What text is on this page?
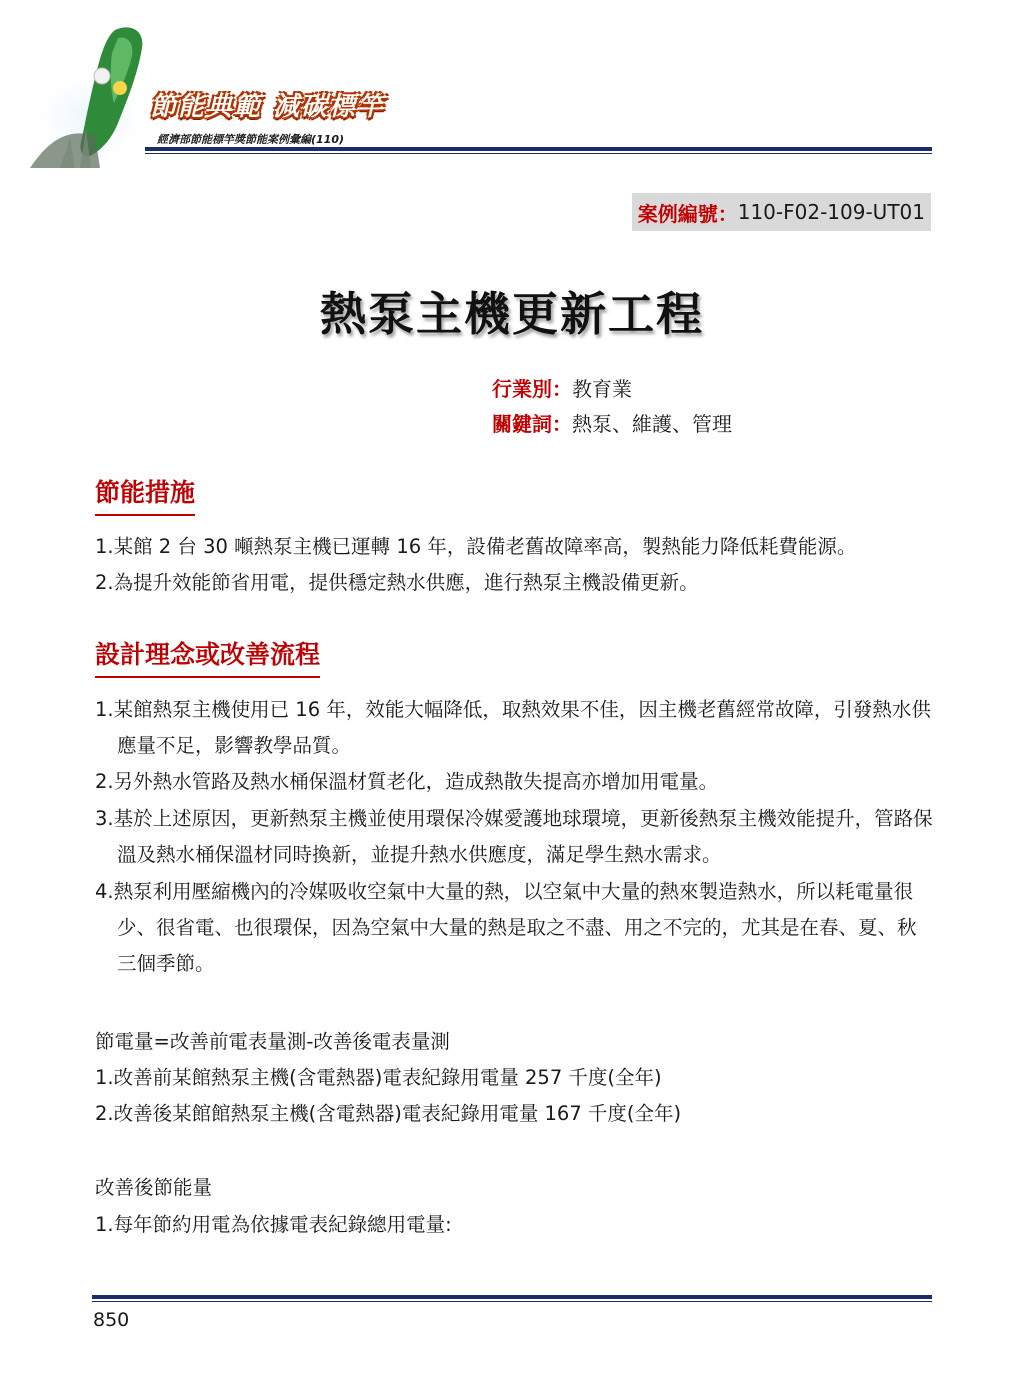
節能典範 減碳標竿
經濟部節能標竿獎節能案例彙編(110)
案例編號： 110-F02-109-UT01
熱泵主機更新工程
行業別：教育業
關鍵詞：熱泵、維護、管理
節能措施
1.某館 2 台 30 噸熱泵主機已運轉 16 年，設備老舊故障率高，製熱能力降低耗費能源。
2.為提升效能節省用電，提供穩定熱水供應，進行熱泵主機設備更新。
設計理念或改善流程
1.某館熱泵主機使用已 16 年，效能大幅降低，取熱效果不佳，因主機老舊經常故障，引發熱水供應量不足，影響教學品質。
2.另外熱水管路及熱水桶保溫材質老化，造成熱散失提高亦增加用電量。
3.基於上述原因，更新熱泵主機並使用環保冷媒愛護地球環境，更新後熱泵主機效能提升，管路保溫及熱水桶保溫材同時換新，並提升熱水供應度，滿足學生熱水需求。
4.熱泵利用壓縮機內的冷媒吸收空氣中大量的熱，以空氣中大量的熱來製造熱水，所以耗電量很少、很省電、也很環保，因為空氣中大量的熱是取之不盡、用之不完的，尤其是在春、夏、秋三個季節。
節電量=改善前電表量測-改善後電表量測
1.改善前某館熱泵主機(含電熱器)電表紀錄用電量 257 千度(全年)
2.改善後某館館熱泵主機(含電熱器)電表紀錄用電量 167 千度(全年)
改善後節能量
1.每年節約用電為依據電表紀錄總用電量:
850
